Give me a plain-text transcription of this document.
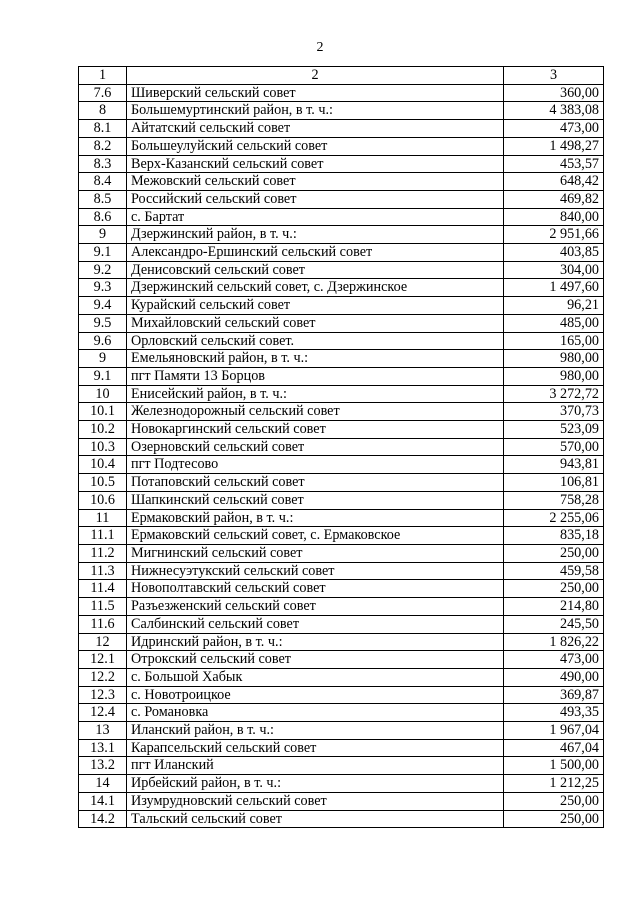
2
1	2	3
7.6	Шиверский сельский совет	360,00
8	Большемуртинский район, в т. ч.:	4 383,08
8.1	Айтатский сельский совет	473,00
8.2	Большеулуйский сельский совет	1 498,27
8.3	Верх-Казанский сельский совет	453,57
8.4	Межовский сельский совет	648,42
8.5	Российский сельский совет	469,82
8.6	с. Бартат	840,00
9	Дзержинский район, в т. ч.:	2 951,66
9.1	Александро-Ершинский сельский совет	403,85
9.2	Денисовский сельский совет	304,00
9.3	Дзержинский сельский совет, с. Дзержинское	1 497,60
9.4	Курайский сельский совет	96,21
9.5	Михайловский сельский совет	485,00
9.6	Орловский сельский совет.	165,00
9	Емельяновский район, в т. ч.:	980,00
9.1	пгт Памяти 13 Борцов	980,00
10	Енисейский район, в т. ч.:	3 272,72
10.1	Железнодорожный сельский совет	370,73
10.2	Новокаргинский сельский совет	523,09
10.3	Озерновский сельский совет	570,00
10.4	пгт Подтесово	943,81
10.5	Потаповский сельский совет	106,81
10.6	Шапкинский сельский совет	758,28
11	Ермаковский район, в т. ч.:	2 255,06
11.1	Ермаковский сельский совет, с. Ермаковское	835,18
11.2	Мигнинский сельский совет	250,00
11.3	Нижнесуэтукский сельский совет	459,58
11.4	Новополтавский сельский совет	250,00
11.5	Разъезженский сельский совет	214,80
11.6	Салбинский сельский совет	245,50
12	Идринский район, в т. ч.:	1 826,22
12.1	Отрокский сельский совет	473,00
12.2	с. Большой Хабык	490,00
12.3	с. Новотроицкое	369,87
12.4	с. Романовка	493,35
13	Иланский район, в т. ч.:	1 967,04
13.1	Карапсельский сельский совет	467,04
13.2	пгт Иланский	1 500,00
14	Ирбейский район, в т. ч.:	1 212,25
14.1	Изумрудновский сельский совет	250,00
14.2	Тальский сельский совет	250,00
